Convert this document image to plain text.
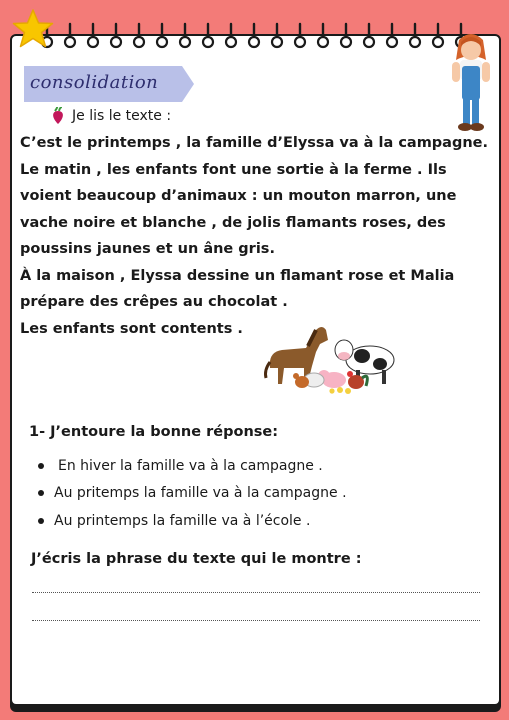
consolidation
Je lis le texte :

C’est le printemps , la famille d’Elyssa va à la campagne. Le matin , les enfants font une sortie à la ferme . Ils voient beaucoup d’animaux : un mouton marron, une vache noire et blanche , de jolis flamants roses, des poussins jaunes et un âne gris.

À la maison , Elyssa dessine un flamant rose et Malia prépare des crêpes au chocolat .

Les enfants sont contents .

1- J’entoure la bonne réponse:
En hiver la famille va à la campagne .
Au pritemps la famille va à la campagne .
Au printemps la famille va à l’école .
J’écris la phrase du texte qui le montre :
